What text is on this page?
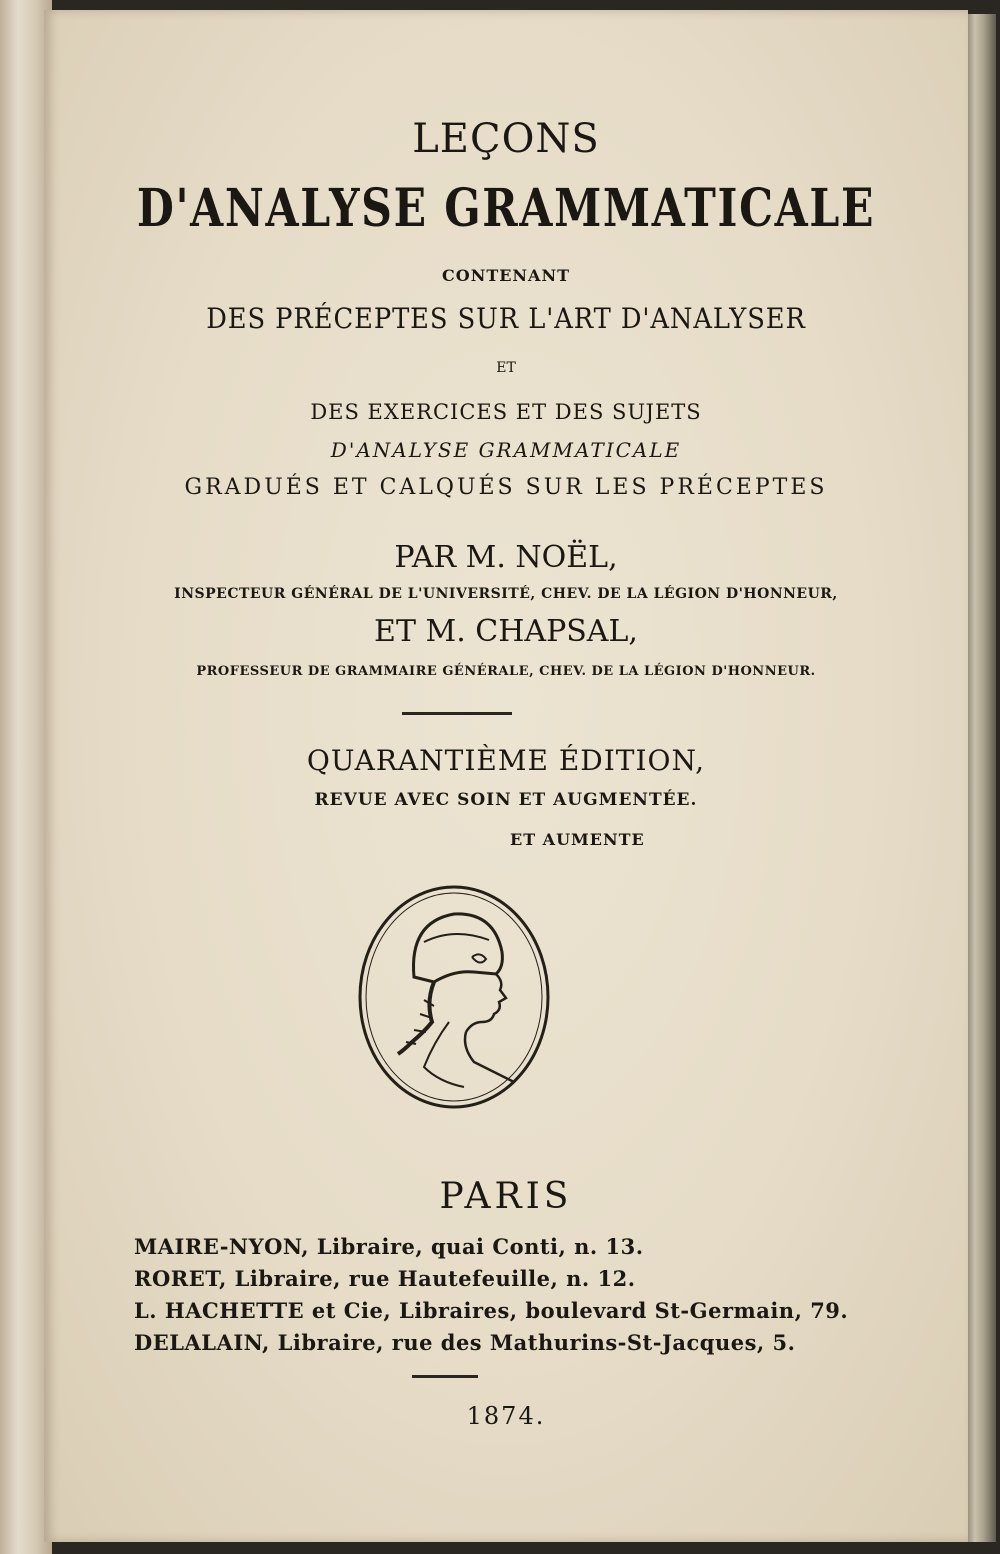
LEÇONS
D'ANALYSE GRAMMATICALE
CONTENANT
DES PRÉCEPTES SUR L'ART D'ANALYSER
ET
DES EXERCICES ET DES SUJETS
D'ANALYSE GRAMMATICALE
GRADUÉS ET CALQUÉS SUR LES PRÉCEPTES
PAR M. NOËL,
INSPECTEUR GÉNÉRAL DE L'UNIVERSITÉ, CHEV. DE LA LÉGION D'HONNEUR,
ET M. CHAPSAL,
PROFESSEUR DE GRAMMAIRE GÉNÉRALE, CHEV. DE LA LÉGION D'HONNEUR.
QUARANTIÈME ÉDITION,
REVUE AVEC SOIN ET AUGMENTÉE.
ET AUMENTE
PARIS
MAIRE-NYON, Libraire, quai Conti, n. 13.
RORET, Libraire, rue Hautefeuille, n. 12.
L. HACHETTE et Cie, Libraires, boulevard St-Germain, 79.
DELALAIN, Libraire, rue des Mathurins-St-Jacques, 5.
1874.
